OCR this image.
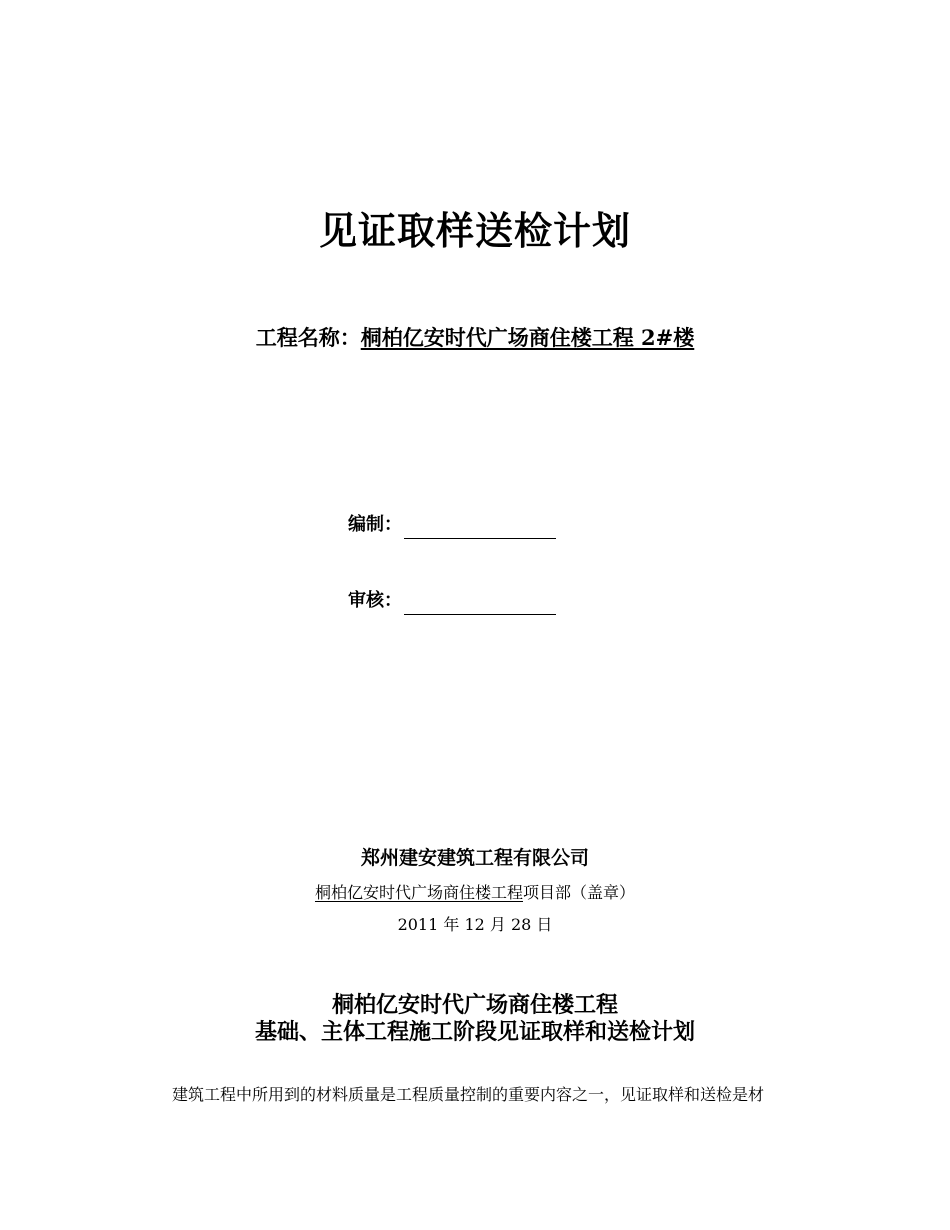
见证取样送检计划
工程名称：桐柏亿安时代广场商住楼工程 2#楼
编制：
审核：
郑州建安建筑工程有限公司
桐柏亿安时代广场商住楼工程项目部（盖章）
2011 年 12 月 28 日
桐柏亿安时代广场商住楼工程
基础、主体工程施工阶段见证取样和送检计划
建筑工程中所用到的材料质量是工程质量控制的重要内容之一，见证取样和送检是材
